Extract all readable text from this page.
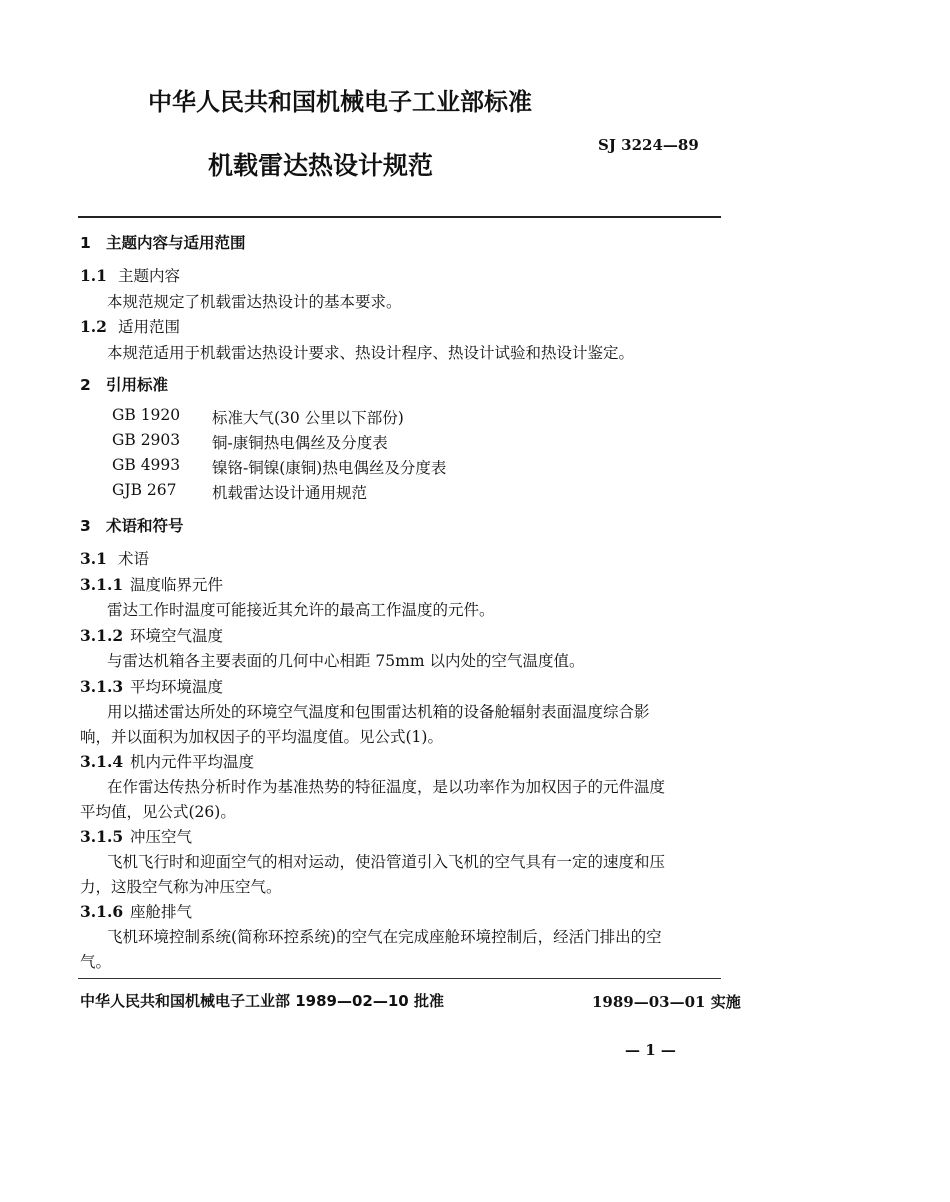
中华人民共和国机械电子工业部标准
机载雷达热设计规范
SJ 3224—89
1 主题内容与适用范围
1.1 主题内容
本规范规定了机载雷达热设计的基本要求。
1.2 适用范围
本规范适用于机载雷达热设计要求、热设计程序、热设计试验和热设计鉴定。
2 引用标准
GB 1920 标准大气(30 公里以下部份)
GB 2903 铜-康铜热电偶丝及分度表
GB 4993 镍铬-铜镍(康铜)热电偶丝及分度表
GJB 267 机载雷达设计通用规范
3 术语和符号
3.1 术语
3.1.1 温度临界元件
雷达工作时温度可能接近其允许的最高工作温度的元件。
3.1.2 环境空气温度
与雷达机箱各主要表面的几何中心相距 75mm 以内处的空气温度值。
3.1.3 平均环境温度
用以描述雷达所处的环境空气温度和包围雷达机箱的设备舱辐射表面温度综合影
响，并以面积为加权因子的平均温度值。见公式(1)。
3.1.4 机内元件平均温度
在作雷达传热分析时作为基准热势的特征温度，是以功率作为加权因子的元件温度
平均值，见公式(26)。
3.1.5 冲压空气
飞机飞行时和迎面空气的相对运动，使沿管道引入飞机的空气具有一定的速度和压
力，这股空气称为冲压空气。
3.1.6 座舱排气
飞机环境控制系统(简称环控系统)的空气在完成座舱环境控制后，经活门排出的空
气。
中华人民共和国机械电子工业部 1989—02—10 批准	1989—03—01 实施
— 1 —
